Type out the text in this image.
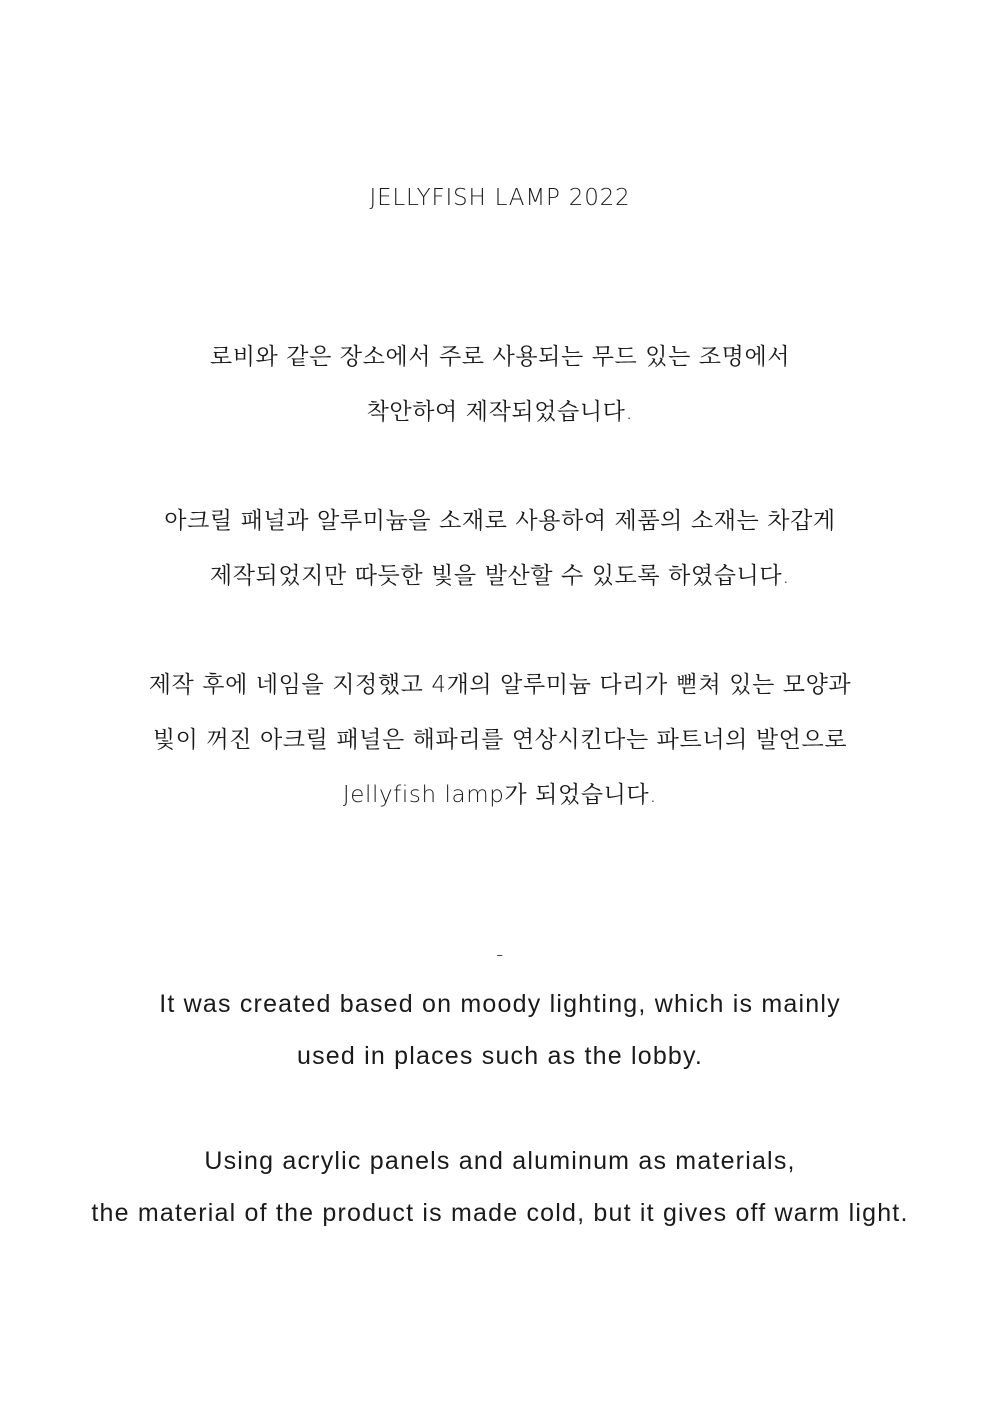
JELLYFISH LAMP 2022
로비와 같은 장소에서 주로 사용되는 무드 있는 조명에서
착안하여 제작되었습니다.
아크릴 패널과 알루미늄을 소재로 사용하여 제품의 소재는 차갑게
제작되었지만 따듯한 빛을 발산할 수 있도록 하였습니다.
제작 후에 네임을 지정했고 4개의 알루미늄 다리가 뻗쳐 있는 모양과
빛이 꺼진 아크릴 패널은 해파리를 연상시킨다는 파트너의 발언으로
Jellyfish lamp가 되었습니다.
-
It was created based on moody lighting, which is mainly
used in places such as the lobby.
Using acrylic panels and aluminum as materials,
the material of the product is made cold, but it gives off warm light.
